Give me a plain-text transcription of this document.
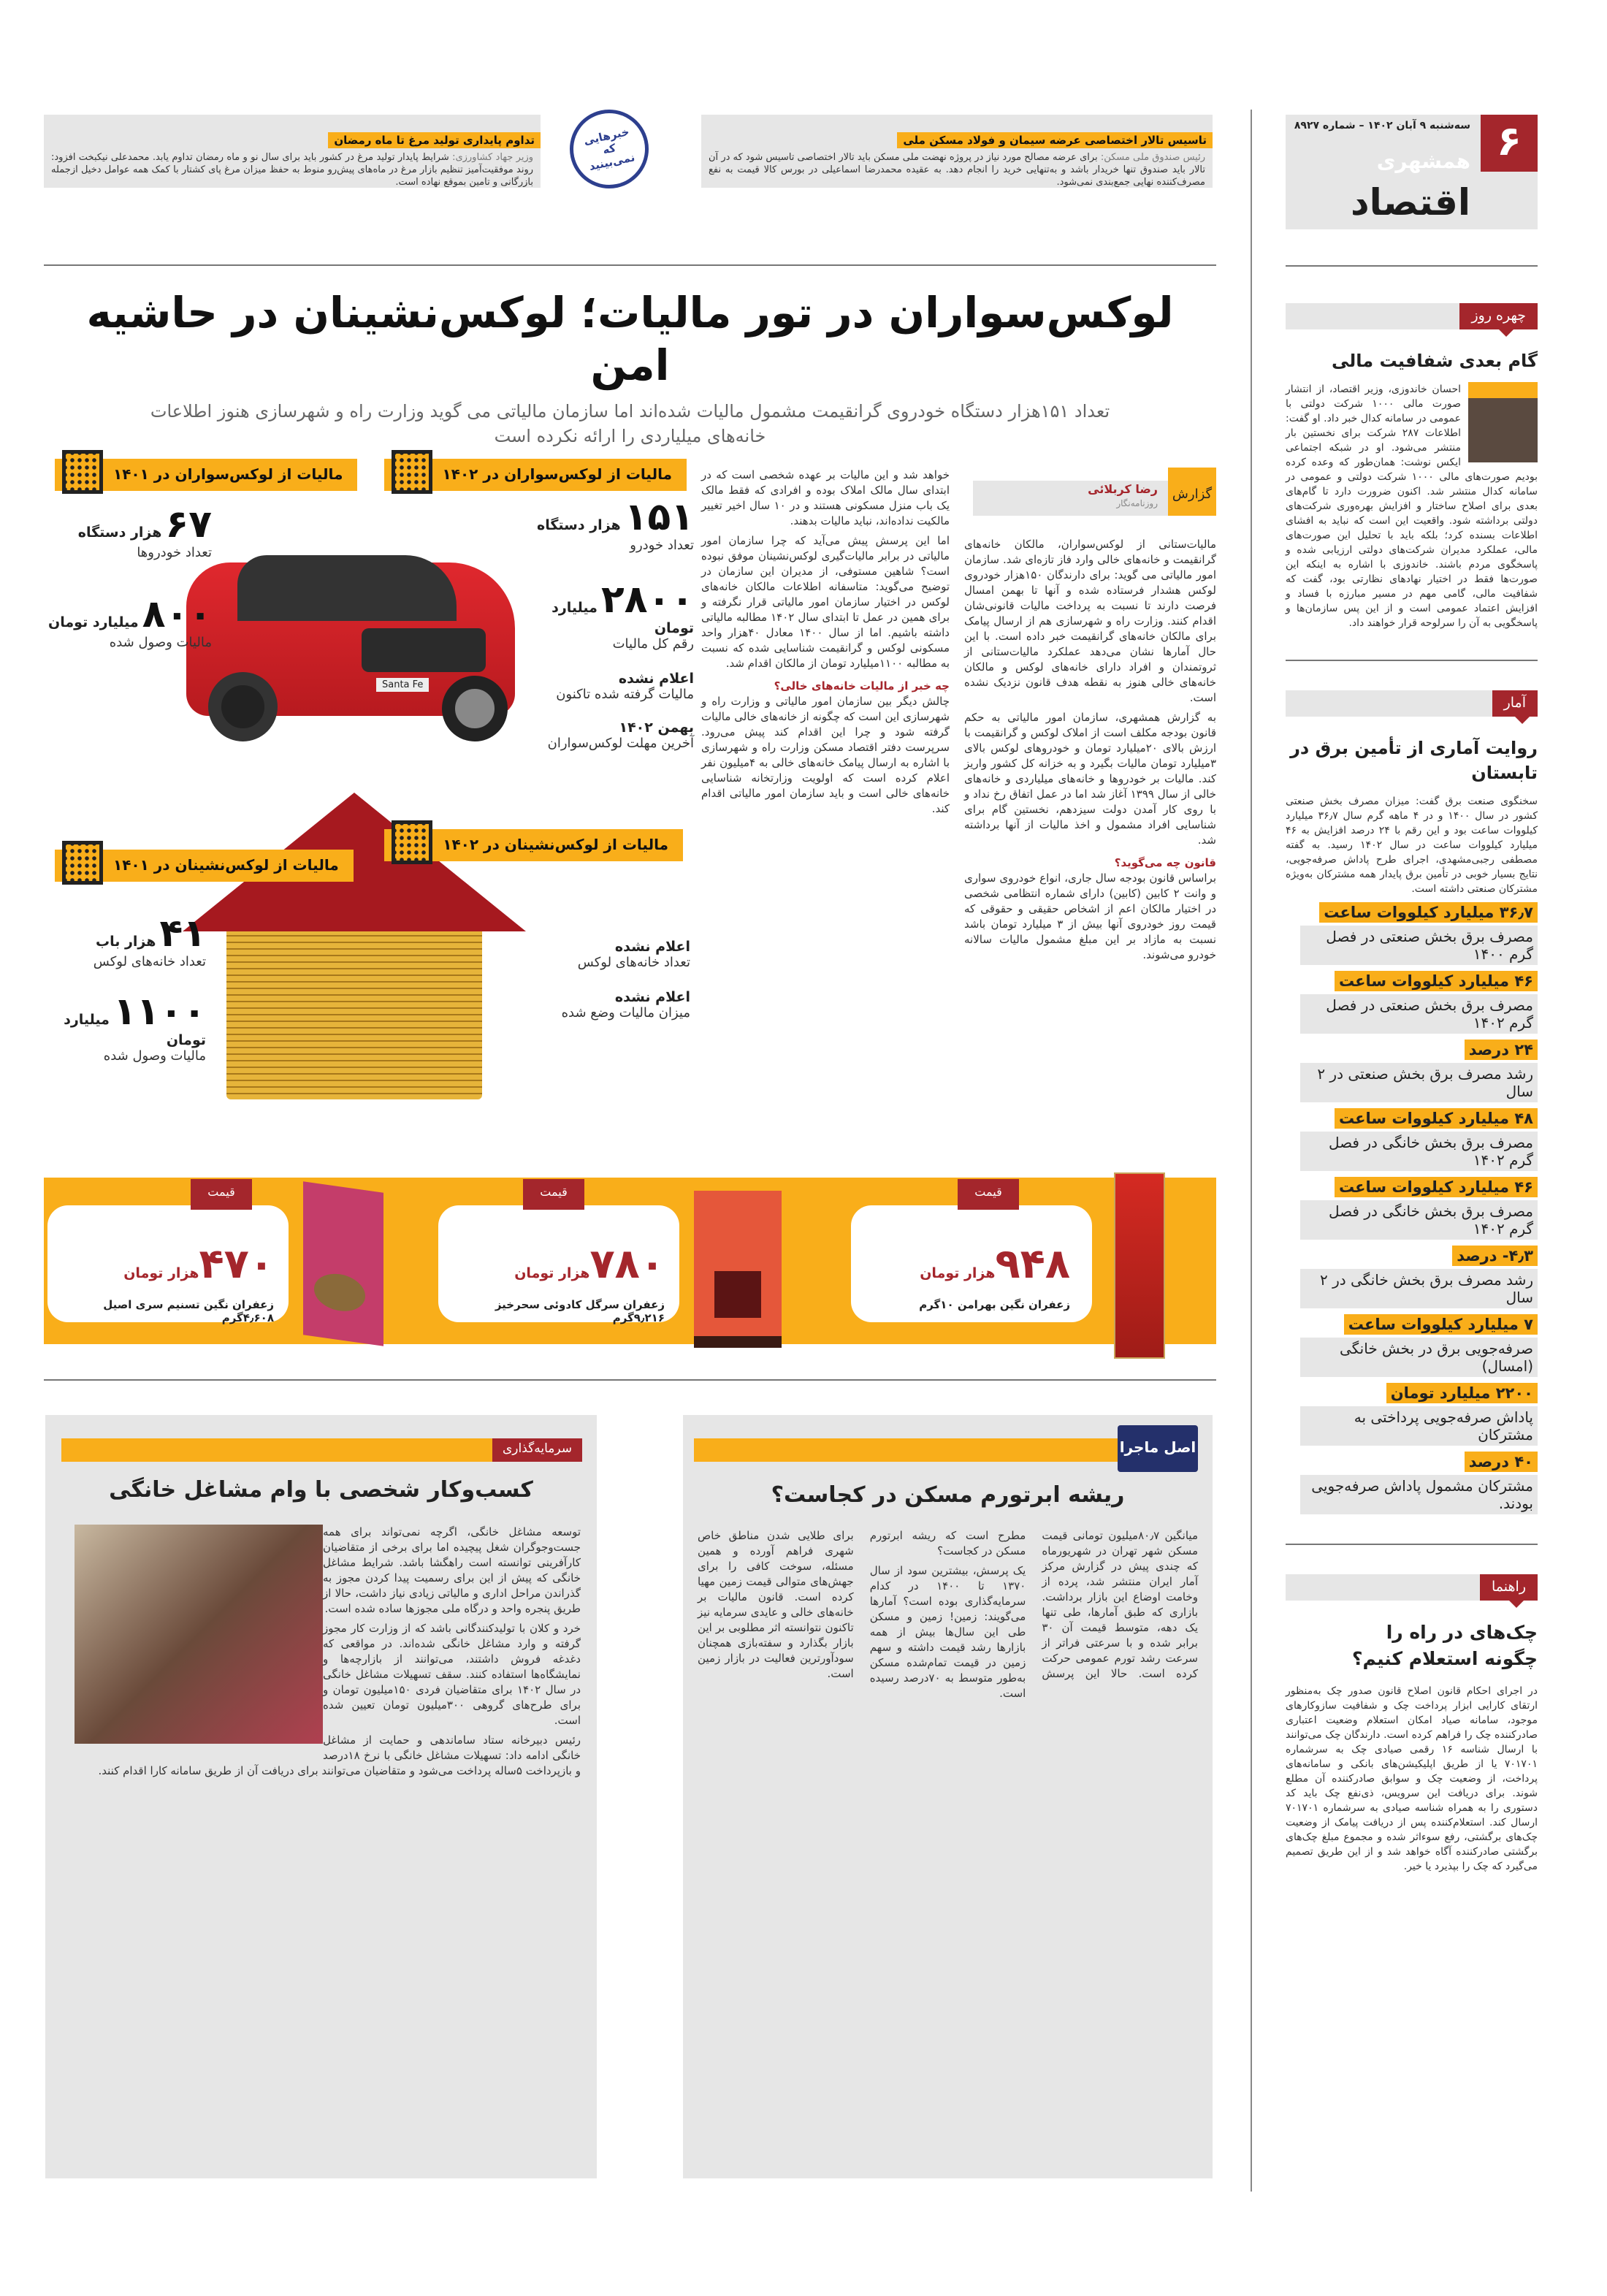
۶
سه‌شنبه ۹ آبان ۱۴۰۲ – شماره ۸۹۲۷
همشهری
اقتصاد
تاسیس تالار اختصاصی عرضه سیمان و فولاد مسکن ملی
رئیس صندوق ملی مسکن: برای عرضه مصالح مورد نیاز در پروژه نهضت ملی مسکن باید تالار اختصاصی تاسیس شود که در آن تالار باید صندوق تنها خریدار باشد و به‌تنهایی خرید را انجام دهد. به عقیده محمدرضا اسماعیلی در بورس کالا قیمت به نفع مصرف‌کننده نهایی جمع‌بندی نمی‌شود.
خبرهایی که نمی‌بینید
تداوم پایداری تولید مرغ تا ماه رمضان
وزیر جهاد کشاورزی: شرایط پایدار تولید مرغ در کشور باید برای سال نو و ماه رمضان تداوم یابد. محمدعلی نیکبخت افزود: روند موفقیت‌آمیز تنظیم بازار مرغ در ماه‌های پیش‌رو منوط به حفظ میزان مرغ پای کشتار با کمک همه عوامل دخیل ازجمله بازرگانی و تامین بموقع نهاده است.
لوکس‌سواران در تور مالیات؛ لوکس‌نشینان در حاشیه امن
تعداد ۱۵۱هزار دستگاه خودروی گرانقیمت مشمول مالیات شده‌اند اما سازمان مالیاتی می گوید وزارت راه و شهرسازی هنوز اطلاعات خانه‌های میلیاردی را ارائه نکرده است
مالیات از لوکس‌سواران در ۱۴۰۲
مالیات از لوکس‌سواران در ۱۴۰۱
Santa Fe
۱۵۱ هزار دستگاه
تعداد خودرو
۲۸۰۰ میلیارد تومان
رقم کل مالیات
اعلام نشده
مالیات گرفته شده تاکنون
بهمن ۱۴۰۲
آخرین مهلت لوکس‌سواران
۶۷ هزار دستگاه
تعداد خودروها
۸۰۰ میلیارد تومان
مالیات وصول شده
مالیات از لوکس‌نشینان در ۱۴۰۲
مالیات از لوکس‌نشینان در ۱۴۰۱
اعلام نشده
تعداد خانه‌های لوکس
اعلام نشده
میزان مالیات وضع شده
۴۱ هزار باب
تعداد خانه‌های لوکس
۱۱۰۰ میلیارد تومان
مالیات وصول شده
گزارش
رضا کربلائی
روزنامه‌نگار

مالیات‌ستانی از لوکس‌سواران، مالکان خانه‌های گرانقیمت و خانه‌های خالی وارد فاز تازه‌ای شد. سازمان امور مالیاتی می گوید: برای دارندگان ۱۵۰هزار خودروی لوکس هشدار فرستاده شده و آنها تا بهمن امسال فرصت دارند تا نسبت به پرداخت مالیات قانونی‌شان اقدام کنند. وزارت راه و شهرسازی هم از ارسال پیامک برای مالکان خانه‌های گرانقیمت خبر داده است. با این حال آمارها نشان می‌دهد عملکرد مالیات‌ستانی از ثروتمندان و افراد دارای خانه‌های لوکس و مالکان خانه‌های خالی هنوز به نقطه هدف قانون نزدیک نشده است.

به گزارش همشهری، سازمان امور مالیاتی به حکم قانون بودجه مکلف است از املاک لوکس و گرانقیمت با ارزش بالای ۲۰میلیارد تومان و خودروهای لوکس بالای ۳میلیارد تومان مالیات بگیرد و به خزانه کل کشور واریز کند. مالیات بر خودروها و خانه‌های میلیاردی و خانه‌های خالی از سال ۱۳۹۹ آغاز شد اما در عمل اتفاق رخ نداد و با روی کار آمدن دولت سیزدهم، نخستین گام برای شناسایی افراد مشمول و اخذ مالیات از آنها برداشته شد.

قانون چه می‌گوید؟

براساس قانون بودجه سال جاری، انواع خودروی سواری و وانت ۲ کابین (کابین) دارای شماره انتظامی شخصی در اختیار مالکان اعم از اشخاص حقیقی و حقوقی که قیمت روز خودروی آنها بیش از ۳ میلیارد تومان باشد نسبت به مازاد بر این مبلغ مشمول مالیات سالانه خودرو می‌شوند.

خواهد شد و این مالیات بر عهده شخصی است که در ابتدای سال مالک املاک بوده و افرادی که فقط مالک یک باب منزل مسکونی هستند و در ۱۰ سال اخیر تغییر مالکیت نداده‌اند، نباید مالیات بدهند.

اما این پرسش پیش می‌آید که چرا سازمان امور مالیاتی در برابر مالیات‌گیری لوکس‌نشینان موفق نبوده است؟ شاهین مستوفی، از مدیران این سازمان در توضیح می‌گوید: متاسفانه اطلاعات مالکان خانه‌های لوکس در اختیار سازمان امور مالیاتی قرار نگرفته و برای همین در عمل تا ابتدای سال ۱۴۰۲ مطالبه مالیاتی داشته باشیم. اما از سال ۱۴۰۰ معادل ۴۰هزار واحد مسکونی لوکس و گرانقیمت شناسایی شده که نسبت به مطالبه ۱۱۰۰میلیارد تومان از مالکان اقدام شد.

چه خبر از مالیات خانه‌های خالی؟

چالش دیگر بین سازمان امور مالیاتی و وزارت راه و شهرسازی این است که چگونه از خانه‌های خالی مالیات گرفته شود و چرا این اقدام کند پیش می‌رود. سرپرست دفتر اقتصاد مسکن وزارت راه و شهرسازی با اشاره به ارسال پیامک خانه‌های خالی به ۴میلیون نفر اعلام کرده است که اولویت وزارتخانه شناسایی خانه‌های خالی است و باید سازمان امور مالیاتی اقدام کند.

قیمت
۹۴۸هزار تومان
زعفران نگین بهرامن ۱۰گرم
قیمت
۷۸۰هزار تومان
زعفران سرگل کادوئی سحرخیز ۹٫۲۱۶گرم
قیمت
۴۷۰هزار تومان
زعفران نگین تسنیم سری اصیل ۴٫۶۰۸گرم
اصل ماجرا
ریشه ابرتورم مسکن در کجاست؟

میانگین ۸۰٫۷میلیون تومانی قیمت مسکن شهر تهران در شهریورماه که چندی پیش در گزارش مرکز آمار ایران منتشر شد، پرده از وخامت اوضاع این بازار برداشت. بازاری که طبق آمارها، طی تنها یک دهه، متوسط قیمت آن ۳۰ برابر شده و با سرعتی فراتر از سرعت رشد تورم عمومی حرکت کرده است. حالا این پرسش مطرح است که ریشه ابرتورم مسکن در کجاست؟

یک پرسش، بیشترین سود از سال ۱۳۷۰ تا ۱۴۰۰ در کدام سرمایه‌گذاری بوده است؟ آمارها می‌گویند: زمین! زمین و مسکن طی این سال‌ها بیش از همه بازارها رشد قیمت داشته و سهم زمین در قیمت تمام‌شده مسکن به‌طور متوسط به ۷۰درصد رسیده است.

برای طلایی شدن مناطق خاص شهری فراهم آورده و همین مسئله، سوخت کافی را برای جهش‌های متوالی قیمت زمین مهیا کرده است. قانون مالیات بر خانه‌های خالی و عایدی سرمایه نیز تاکنون نتوانسته اثر مطلوبی بر این بازار بگذارد و سفته‌بازی همچنان سودآورترین فعالیت در بازار زمین است.

سرمایه‌گذاری
کسب‌وکار شخصی با وام مشاغل خانگی

توسعه مشاغل خانگی، اگرچه نمی‌تواند برای همه جست‌وجوگران شغل پیچیده اما برای برخی از متقاضیان کارآفرینی توانسته است راهگشا باشد. شرایط مشاغل خانگی که پیش از این برای رسمیت پیدا کردن مجوز به گذراندن مراحل اداری و مالیاتی زیادی نیاز داشت، حالا از طریق پنجره واحد و درگاه ملی مجوزها ساده شده است.

خرد و کلان با تولیدکنندگانی باشد که از وزارت کار مجوز گرفته و وارد مشاغل خانگی شده‌اند. در مواقعی که دغدغه فروش داشتند، می‌توانند از بازارچه‌ها و نمایشگاه‌ها استفاده کنند. سقف تسهیلات مشاغل خانگی در سال ۱۴۰۲ برای متقاضیان فردی ۱۵۰میلیون تومان و برای طرح‌های گروهی ۳۰۰میلیون تومان تعیین شده است.

رئیس دبیرخانه ستاد ساماندهی و حمایت از مشاغل خانگی ادامه داد: تسهیلات مشاغل خانگی با نرخ ۱۸درصد و بازپرداخت ۵ساله پرداخت می‌شود و متقاضیان می‌توانند برای دریافت آن از طریق سامانه کارا اقدام کنند.

چهره روز
گام بعدی شفافیت مالی
احسان خاندوزی، وزیر اقتصاد، از انتشار صورت مالی ۱۰۰۰ شرکت دولتی با عمومی در سامانه کدال خبر داد. او گفت: اطلاعات ۲۸۷ شرکت برای نخستین بار منتشر می‌شود. او در شبکه اجتماعی ایکس نوشت: همان‌طور که وعده کرده بودیم صورت‌های مالی ۱۰۰۰ شرکت دولتی و عمومی در سامانه کدال منتشر شد. اکنون ضرورت دارد تا گام‌های بعدی برای اصلاح ساختار و افزایش بهره‌وری شرکت‌های دولتی برداشته شود. واقعیت این است که نباید به افشای اطلاعات بسنده کرد؛ بلکه باید با تحلیل این صورت‌های مالی، عملکرد مدیران شرکت‌های دولتی ارزیابی شده و پاسخگوی مردم باشند. خاندوزی با اشاره به اینکه این صورت‌ها فقط در اختیار نهادهای نظارتی بود، گفت که شفافیت مالی، گامی مهم در مسیر مبارزه با فساد و افزایش اعتماد عمومی است و از این پس سازمان‌ها و پاسخگویی به آن را سرلوحه قرار خواهند داد.
آمار
روایت آماری از تأمین برق در تابستان
سخنگوی صنعت برق گفت: میزان مصرف بخش صنعتی کشور در سال ۱۴۰۰ و در ۴ ماهه گرم سال ۳۶٫۷ میلیارد کیلووات ساعت بود و این رقم با ۲۴ درصد افزایش به ۴۶ میلیارد کیلووات ساعت در سال ۱۴۰۲ رسید. به گفته مصطفی رجبی‌مشهدی، اجرای طرح پاداش صرفه‌جویی، نتایج بسیار خوبی در تأمین برق پایدار همه مشترکان به‌ویژه مشترکان صنعتی داشته است.
۳۶٫۷ میلیارد کیلووات ساعت
مصرف برق بخش صنعتی در فصل گرم ۱۴۰۰
۴۶ میلیارد کیلووات ساعت
مصرف برق بخش صنعتی در فصل گرم ۱۴۰۲
۲۴ درصد
رشد مصرف برق بخش صنعتی در ۲ سال
۴۸ میلیارد کیلووات ساعت
مصرف برق بخش خانگی در فصل گرم ۱۴۰۲
۴۶ میلیارد کیلووات ساعت
مصرف برق بخش خانگی در فصل گرم ۱۴۰۲
۴٫۳- درصد
رشد مصرف برق بخش خانگی در ۲ سال
۷ میلیارد کیلووات ساعت
صرفه‌جویی برق در بخش خانگی (امسال)
۲۲۰۰ میلیارد تومان
پاداش صرفه‌جویی پرداختی به مشترکان
۴۰ درصد
مشترکان مشمول پاداش صرفه‌جویی بودند.
راهنما
چک‌های در راه را چگونه استعلام کنیم؟
در اجرای احکام قانون اصلاح قانون صدور چک به‌منظور ارتقای کارایی ابزار پرداخت چک و شفافیت سازوکارهای موجود، سامانه صیاد امکان استعلام وضعیت اعتباری صادرکننده چک را فراهم کرده است. دارندگان چک می‌توانند با ارسال شناسه ۱۶ رقمی صیادی چک به سرشماره ۷۰۱۷۰۱ یا از طریق اپلیکیشن‌های بانکی و سامانه‌های پرداخت، از وضعیت چک و سوابق صادرکننده آن مطلع شوند. برای دریافت این سرویس، ذی‌نفع چک باید کد دستوری را به همراه شناسه صیادی به سرشماره ۷۰۱۷۰۱ ارسال کند. استعلام‌کننده پس از دریافت پیامک از وضعیت چک‌های برگشتی، رفع سوءاثر شده و مجموع مبلغ چک‌های برگشتی صادرکننده آگاه خواهد شد و از این طریق تصمیم می‌گیرد که چک را بپذیرد یا خیر.
